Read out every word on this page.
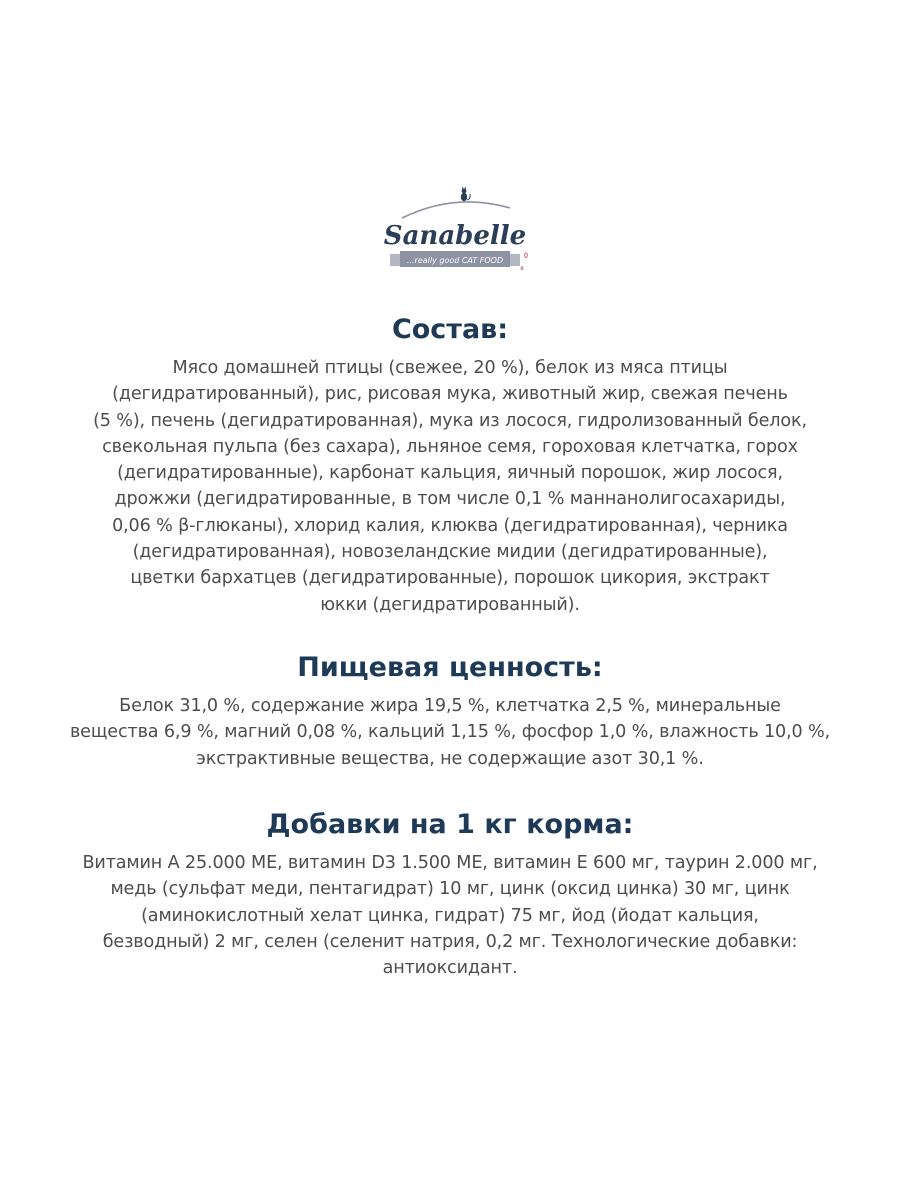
Sanabelle
...really good CAT FOOD
Состав:

Мясо домашней птицы (свежее, 20 %), белок из мяса птицы
(дегидратированный), рис, рисовая мука, животный жир, свежая печень
(5 %), печень (дегидратированная), мука из лосося, гидролизованный белок,
свекольная пульпа (без сахара), льняное семя, гороховая клетчатка, горох
(дегидратированные), карбонат кальция, яичный порошок, жир лосося,
дрожжи (дегидратированные, в том числе 0,1 % маннанолигосахариды,
0,06 % β-глюканы), хлорид калия, клюква (дегидратированная), черника
(дегидратированная), новозеландские мидии (дегидратированные),
цветки бархатцев (дегидратированные), порошок цикория, экстракт
юкки (дегидратированный).

Пищевая ценность:

Белок 31,0 %, содержание жира 19,5 %, клетчатка 2,5 %, минеральные
вещества 6,9 %, магний 0,08 %, кальций 1,15 %, фосфор 1,0 %, влажность 10,0 %,
экстрактивные вещества, не содержащие азот 30,1 %.

Добавки на 1 кг корма:

Витамин А 25.000 МЕ, витамин D3 1.500 МЕ, витамин Е 600 мг, таурин 2.000 мг,
медь (сульфат меди, пентагидрат) 10 мг, цинк (оксид цинка) 30 мг, цинк
(аминокислотный хелат цинка, гидрат) 75 мг, йод (йодат кальция,
безводный) 2 мг, селен (селенит натрия, 0,2 мг. Технологические добавки:
антиоксидант.
